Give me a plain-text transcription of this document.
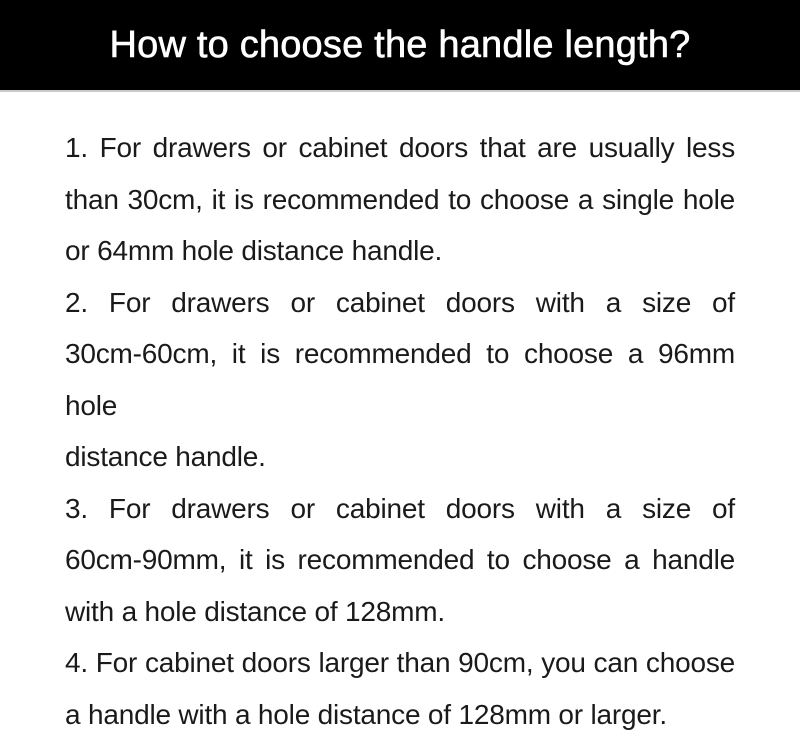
How to choose the handle length?

1. For drawers or cabinet doors that are usually less
than 30cm, it is recommended to choose a single hole
or 64mm hole distance handle.

2. For drawers or cabinet doors with a size of
30cm-60cm, it is recommended to choose a 96mm hole
distance handle.

3. For drawers or cabinet doors with a size of
60cm-90mm, it is recommended to choose a handle
with a hole distance of 128mm.

4. For cabinet doors larger than 90cm, you can choose
a handle with a hole distance of 128mm or larger.
